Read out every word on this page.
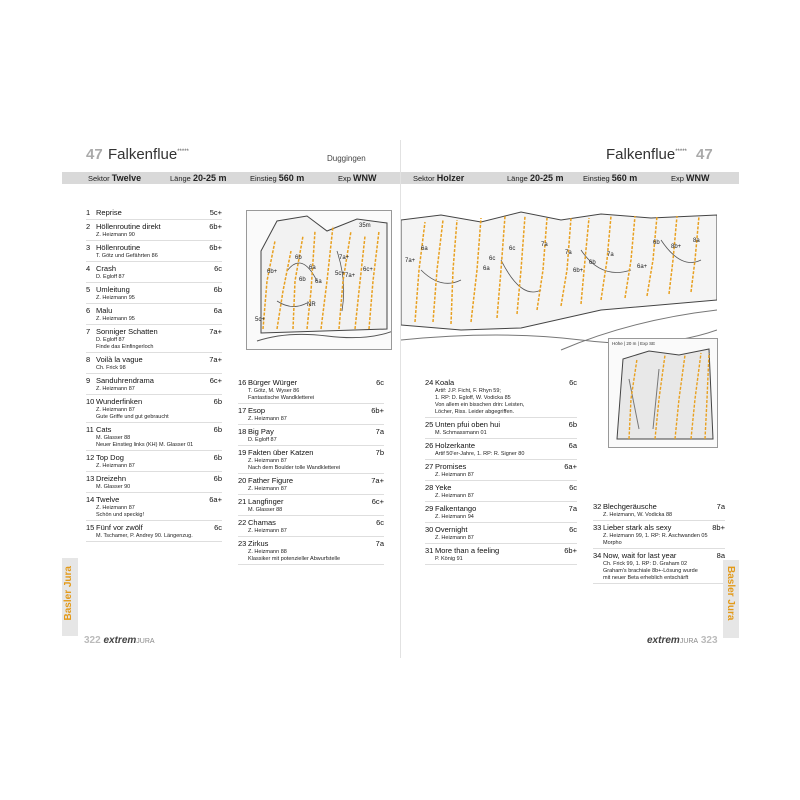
47 Falkenflue*****
Duggingen
Sektor Twelve	Länge 20-25 m	Einstieg 560 m	Exp WNW
1 Reprise	5c+
2 Höllenroutine direkt	6b+
Z. Heizmann 90
3 Höllenroutine	6b+
T. Götz und Gefährten 86
4 Crash	6c
D. Egloff 87
5 Umleitung	6b
Z. Heizmann 95
6 Malu	6a
Z. Heizmann 95
7 Sonniger Schatten	7a+
D. Egloff 87
Finde das Einfingerloch
8 Voilà la vague	7a+
Ch. Frick 98
9 Sanduhrendrama	6c+
Z. Heizmann 87
10 Wunderfinken	6b
Z. Heizmann 87
Gute Griffe und gut gebraucht
11 Cats	6b
M. Glasser 88
Neuer Einstieg links (KH) M. Glasser 01
12 Top Dog	6b
Z. Heizmann 87
13 Dreizehn	6b
M. Glasser 90
14 Twelve	6a+
Z. Heizmann 87
Schön und speckig!
15 Fünf vor zwölf	6c
M. Tschamer, P. Andrey 90. Längenzug.
6b
6a
6b+
6b 6a
NR
5c+
7a+
6c+
7a+
35m
5c+
16 Bürger Würger	6c
T. Götz, M. Wyser 86
Fantastische Wandkletterei
17 Esop	6b+
Z. Heizmann 87
18 Big Pay	7a
D. Egloff 87
19 Fakten über Katzen	7b
Z. Heizmann 87
Nach dem Boulder tolle Wandkletterei
20 Father Figure	7a+
Z. Heizmann 87
21 Langfinger	6c+
M. Glasser 88
22 Chamas	6c
Z. Heizmann 87
23 Zirkus	7a
Z. Heizmann 88
Klassiker mit potenzieller Abwurfstelle
Basler Jura
322 extremJURA
Falkenflue***** 47
Sektor Holzer	Länge 20-25 m	Einstieg 560 m	Exp WNW
7a+
6a
6c
6c
7a
7a
6b+
6b
7a
6a+
6b
8b+
8a
6a
Höhe | 20 m | Exp SE
24 Koala	6c
Artif: J.P. Ficht, F. Rhyn 59;
1. RP: D. Egloff, W. Vodicka 85
Von allem ein bisschen drin: Leisten,
Löcher, Riss. Leider abgegriffen.
25 Unten pfui oben hui	6b
M. Schmassmann 01
26 Holzerkante	6a
Artif 50'er-Jahre, 1. RP: R. Signer 80
27 Promises	6a+
Z. Heizmann 87
28 Yeke	6c
Z. Heizmann 87
29 Falkentango	7a
Z. Heizmann 94
30 Overnight	6c
Z. Heizmann 87
31 More than a feeling	6b+
P. König 91
32 Blechgeräusche	7a
Z. Heizmann, W. Vodicka 88
33 Lieber stark als sexy	8b+
Z. Heizmann 99, 1. RP: R. Aschwanden 05
Morpho
34 Now, wait for last year	8a
Ch. Frick 99, 1. RP: D. Graham 02
Graham's brachiale 8b+-Lösung wurde
mit neuer Beta erheblich entschärft	Basler Jura
extremJURA 323
